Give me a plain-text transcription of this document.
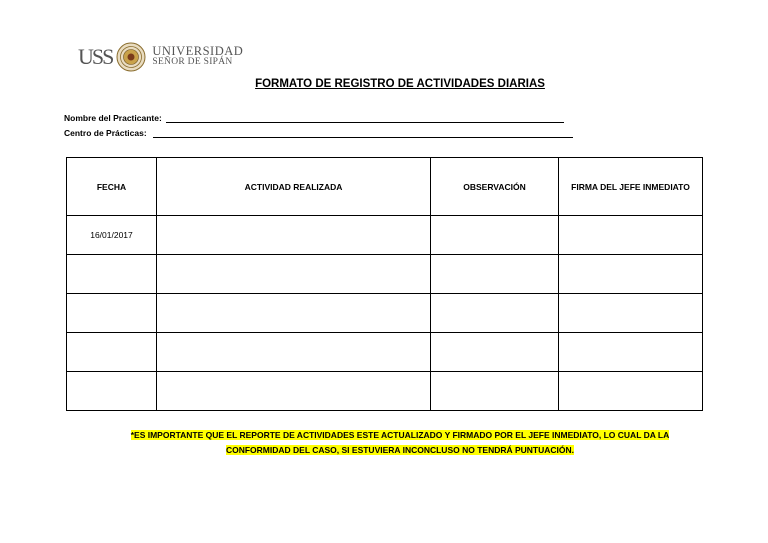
USS	UNIVERSIDAD
SEÑOR DE SIPÁN
FORMATO DE REGISTRO DE ACTIVIDADES DIARIAS
Nombre del Practicante:
Centro de Prácticas:
FECHA	ACTIVIDAD REALIZADA	OBSERVACIÓN	FIRMA DEL JEFE INMEDIATO
16/01/2017			

*ES IMPORTANTE QUE EL REPORTE DE ACTIVIDADES ESTE ACTUALIZADO Y FIRMADO POR EL JEFE INMEDIATO, LO CUAL DA LA
CONFORMIDAD DEL CASO, SI ESTUVIERA INCONCLUSO NO TENDRÁ PUNTUACIÓN.
